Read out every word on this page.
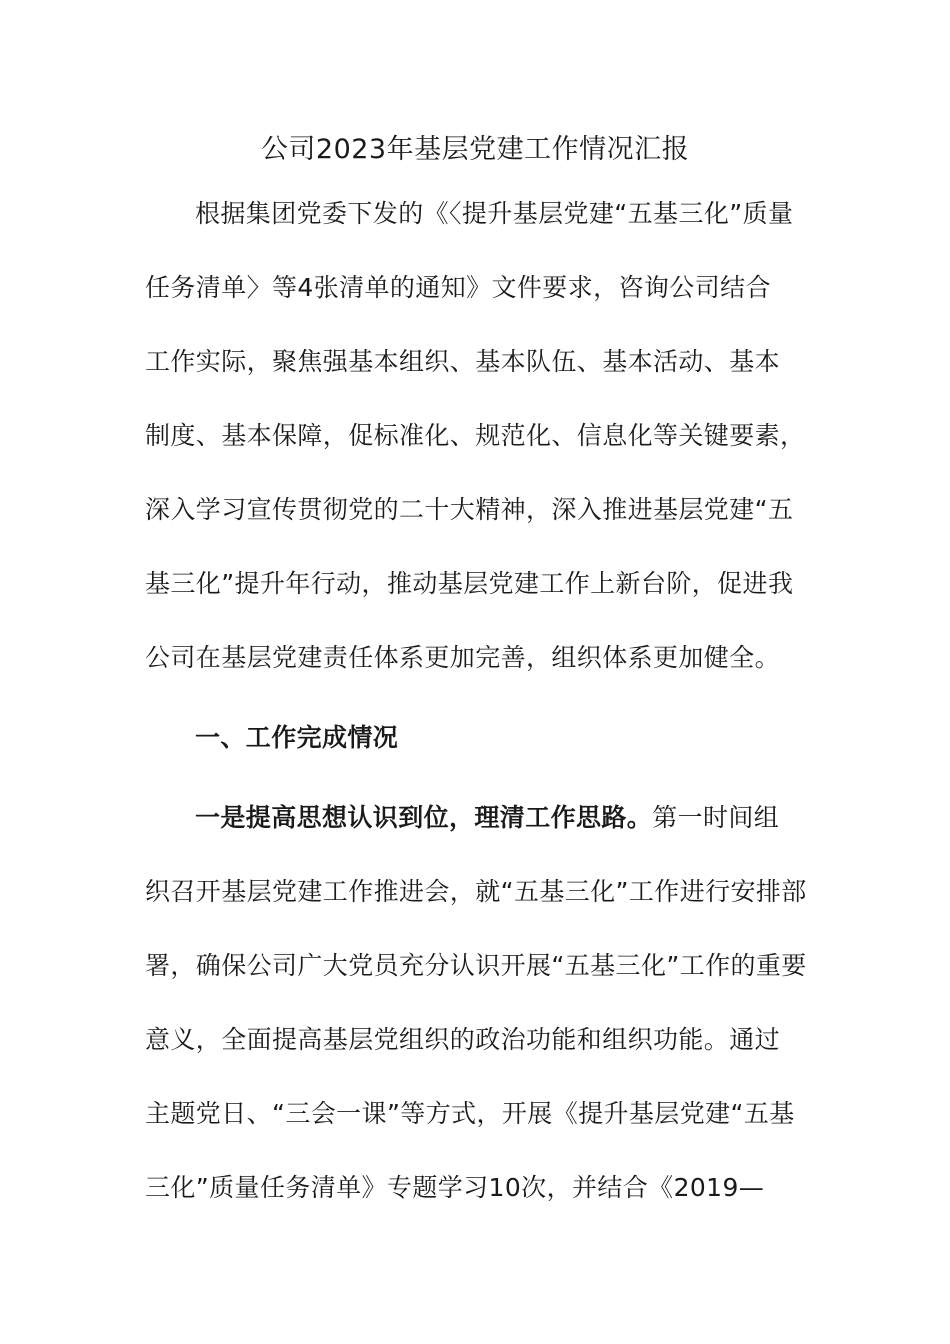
公司2023年基层党建工作情况汇报
根据集团党委下发的《〈提升基层党建“五基三化”质量
任务清单〉等4张清单的通知》文件要求，咨询公司结合
工作实际，聚焦强基本组织、基本队伍、基本活动、基本
制度、基本保障，促标准化、规范化、信息化等关键要素，
深入学习宣传贯彻党的二十大精神，深入推进基层党建“五
基三化”提升年行动，推动基层党建工作上新台阶，促进我
公司在基层党建责任体系更加完善，组织体系更加健全。
一、工作完成情况
一是提高思想认识到位，理清工作思路。第一时间组
织召开基层党建工作推进会，就“五基三化”工作进行安排部
署，确保公司广大党员充分认识开展“五基三化”工作的重要
意义，全面提高基层党组织的政治功能和组织功能。通过
主题党日、“三会一课”等方式，开展《提升基层党建“五基
三化”质量任务清单》专题学习10次，并结合《2019—
